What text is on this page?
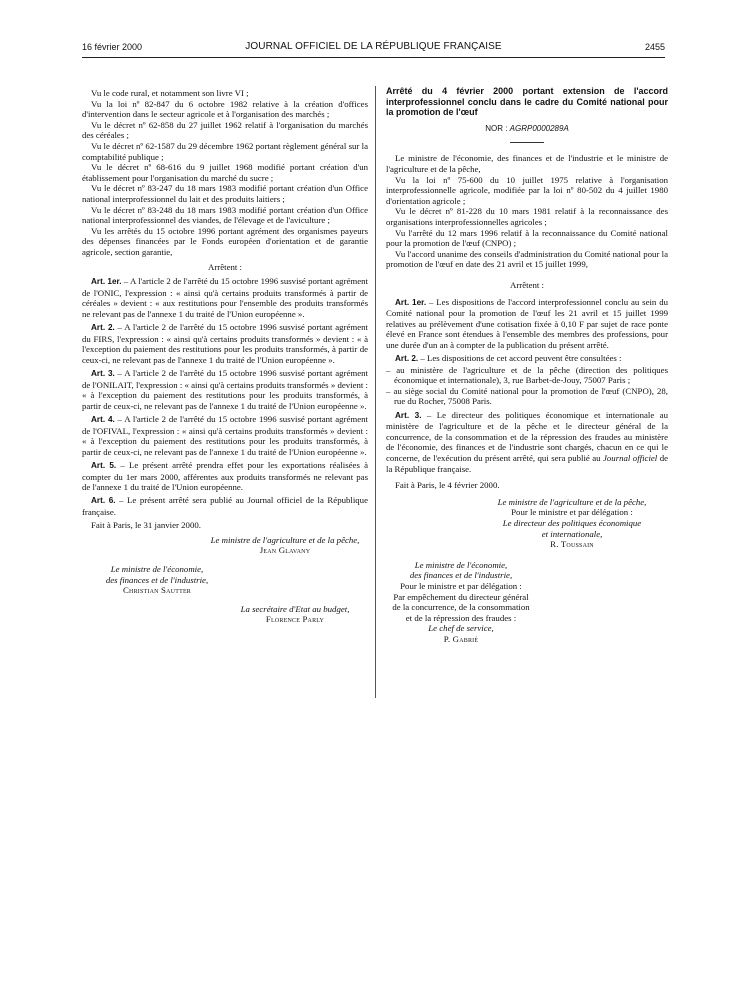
16 février 2000	JOURNAL OFFICIEL DE LA RÉPUBLIQUE FRANÇAISE	2455

Vu le code rural, et notamment son livre VI ;

Vu la loi nº 82-847 du 6 octobre 1982 relative à la création d'offices d'intervention dans le secteur agricole et à l'organisation des marchés ;

Vu le décret nº 62-858 du 27 juillet 1962 relatif à l'organisation du marchés des céréales ;

Vu le décret nº 62-1587 du 29 décembre 1962 portant règlement général sur la comptabilité publique ;

Vu le décret nº 68-616 du 9 juillet 1968 modifié portant création d'un établissement pour l'organisation du marché du sucre ;

Vu le décret nº 83-247 du 18 mars 1983 modifié portant création d'un Office national interprofessionnel du lait et des produits laitiers ;

Vu le décret nº 83-248 du 18 mars 1983 modifié portant création d'un Office national interprofessionnel des viandes, de l'élevage et de l'aviculture ;

Vu les arrêtés du 15 octobre 1996 portant agrément des organismes payeurs des dépenses financées par le Fonds européen d'orientation et de garantie agricole, section garantie,

Arrêtent :

Art. 1er. – A l'article 2 de l'arrêté du 15 octobre 1996 susvisé portant agrément de l'ONIC, l'expression : « ainsi qu'à certains produits transformés à partir de céréales » devient : « aux restitutions pour l'ensemble des produits transformés ne relevant pas de l'annexe 1 du traité de l'Union européenne ».

Art. 2. – A l'article 2 de l'arrêté du 15 octobre 1996 susvisé portant agrément du FIRS, l'expression : « ainsi qu'à certains produits transformés » devient : « à l'exception du paiement des restitutions pour les produits transformés, à partir de ceux-ci, ne relevant pas de l'annexe 1 du traité de l'Union européenne ».

Art. 3. – A l'article 2 de l'arrêté du 15 octobre 1996 susvisé portant agrément de l'ONILAIT, l'expression : « ainsi qu'à certains produits transformés » devient : « à l'exception du paiement des restitutions pour les produits transformés, à partir de ceux-ci, ne relevant pas de l'annexe 1 du traité de l'Union européenne ».

Art. 4. – A l'article 2 de l'arrêté du 15 octobre 1996 susvisé portant agrément de l'OFIVAL, l'expression : « ainsi qu'à certains produits transformés » devient : « à l'exception du paiement des restitutions pour les produits transformés, à partir de ceux-ci, ne relevant pas de l'annexe 1 du traité de l'Union européenne ».

Art. 5. – Le présent arrêté prendra effet pour les exportations réalisées à compter du 1er mars 2000, afférentes aux produits transformés ne relevant pas de l'annexe 1 du traité de l'Union européenne.

Art. 6. – Le présent arrêté sera publié au Journal officiel de la République française.

Fait à Paris, le 31 janvier 2000.

Le ministre de l'agriculture et de la pêche,
Jean Glavany
Le ministre de l'économie,
des finances et de l'industrie,
Christian Sautter
La secrétaire d'Etat au budget,
Florence Parly

Arrêté du 4 février 2000 portant extension de l'accord interprofessionnel conclu dans le cadre du Comité national pour la promotion de l'œuf

NOR : AGRP0000289A

Le ministre de l'économie, des finances et de l'industrie et le ministre de l'agriculture et de la pêche,

Vu la loi nº 75-600 du 10 juillet 1975 relative à l'organisation interprofessionnelle agricole, modifiée par la loi nº 80-502 du 4 juillet 1980 d'orientation agricole ;

Vu le décret nº 81-228 du 10 mars 1981 relatif à la reconnaissance des organisations interprofessionnelles agricoles ;

Vu l'arrêté du 12 mars 1996 relatif à la reconnaissance du Comité national pour la promotion de l'œuf (CNPO) ;

Vu l'accord unanime des conseils d'administration du Comité national pour la promotion de l'œuf en date des 21 avril et 15 juillet 1999,

Arrêtent :

Art. 1er. – Les dispositions de l'accord interprofessionnel conclu au sein du Comité national pour la promotion de l'œuf les 21 avril et 15 juillet 1999 relatives au prélèvement d'une cotisation fixée à 0,10 F par sujet de race ponte élevé en France sont étendues à l'ensemble des membres des professions, pour une durée d'un an à compter de la publication du présent arrêté.

Art. 2. – Les dispositions de cet accord peuvent être consultées :

– au ministère de l'agriculture et de la pêche (direction des politiques économique et internationale), 3, rue Barbet-de-Jouy, 75007 Paris ;
– au siège social du Comité national pour la promotion de l'œuf (CNPO), 28, rue du Rocher, 75008 Paris.

Art. 3. – Le directeur des politiques économique et internationale au ministère de l'agriculture et de la pêche et le directeur général de la concurrence, de la consommation et de la répression des fraudes au ministère de l'économie, des finances et de l'industrie sont chargés, chacun en ce qui le concerne, de l'exécution du présent arrêté, qui sera publié au Journal officiel de la République française.

Fait à Paris, le 4 février 2000.

Le ministre de l'agriculture et de la pêche,
Pour le ministre et par délégation :
Le directeur des politiques économique
et internationale,
R. Toussain
Le ministre de l'économie,
des finances et de l'industrie,
Pour le ministre et par délégation :
Par empêchement du directeur général
de la concurrence, de la consommation
et de la répression des fraudes :
Le chef de service,
P. Gabrié
